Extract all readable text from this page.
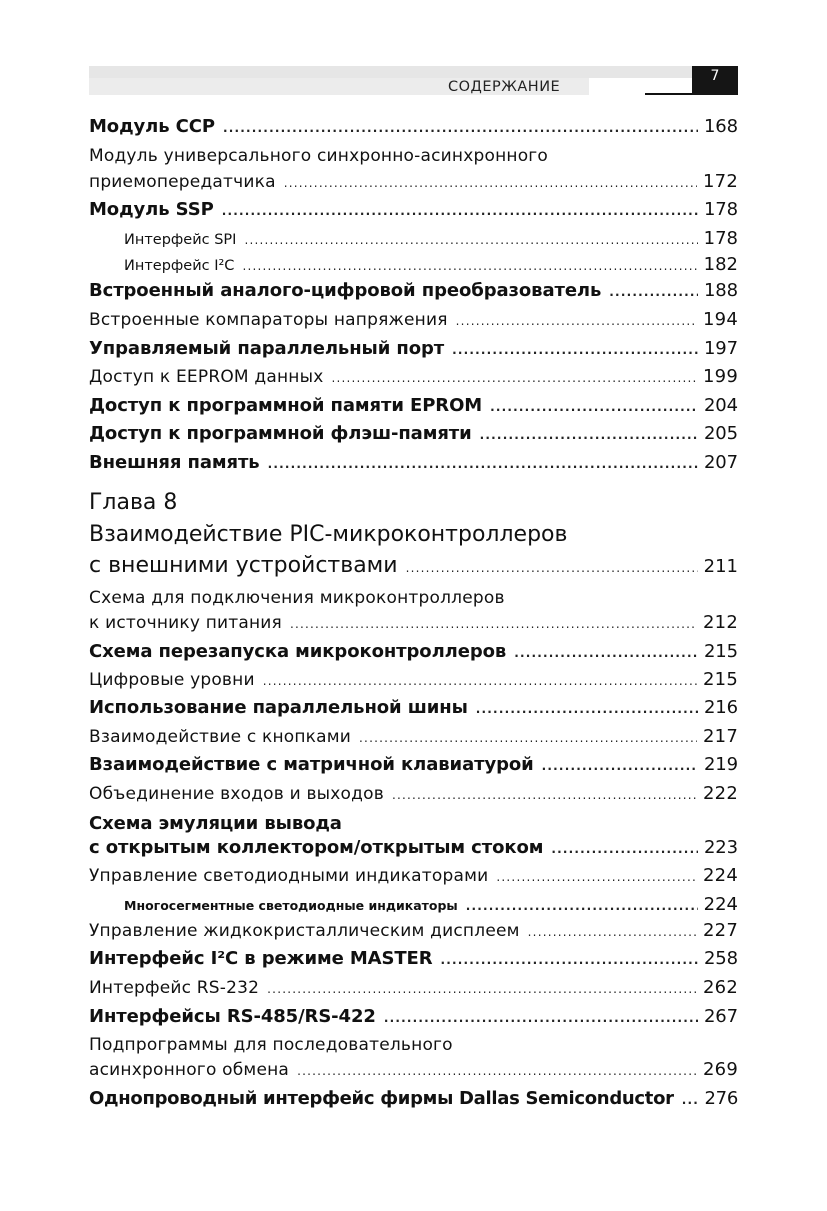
СОДЕРЖАНИЕ
7
Модуль ССР .....	168
Модуль универсального синхронно-асинхронного
приемопередатчика .....	172
Модуль SSP .....	178
Интерфейс SPI .....	178
Интерфейс I²C .....	182
Встроенный аналого-цифровой преобразователь .....	188
Встроенные компараторы напряжения .....	194
Управляемый параллельный порт .....	197
Доступ к EEPROM данных .....	199
Доступ к программной памяти EPROM .....	204
Доступ к программной флэш-памяти .....	205
Внешняя память .....	207
Глава 8
Взаимодействие PIC-микроконтроллеров
с внешними устройствами .....	211
Схема для подключения микроконтроллеров
к источнику питания .....	212
Схема перезапуска микроконтроллеров .....	215
Цифровые уровни .....	215
Использование параллельной шины .....	216
Взаимодействие с кнопками .....	217
Взаимодействие с матричной клавиатурой .....	219
Объединение входов и выходов .....	222
Схема эмуляции вывода
с открытым коллектором/открытым стоком .....	223
Управление светодиодными индикаторами .....	224
Многосегментные светодиодные индикаторы .....	224
Управление жидкокристаллическим дисплеем .....	227
Интерфейс I²C в режиме MASTER .....	258
Интерфейс RS-232 .....	262
Интерфейсы RS-485/RS-422 .....	267
Подпрограммы для последовательного
асинхронного обмена .....	269
Однопроводный интерфейс фирмы Dallas Semiconductor ..... 276
